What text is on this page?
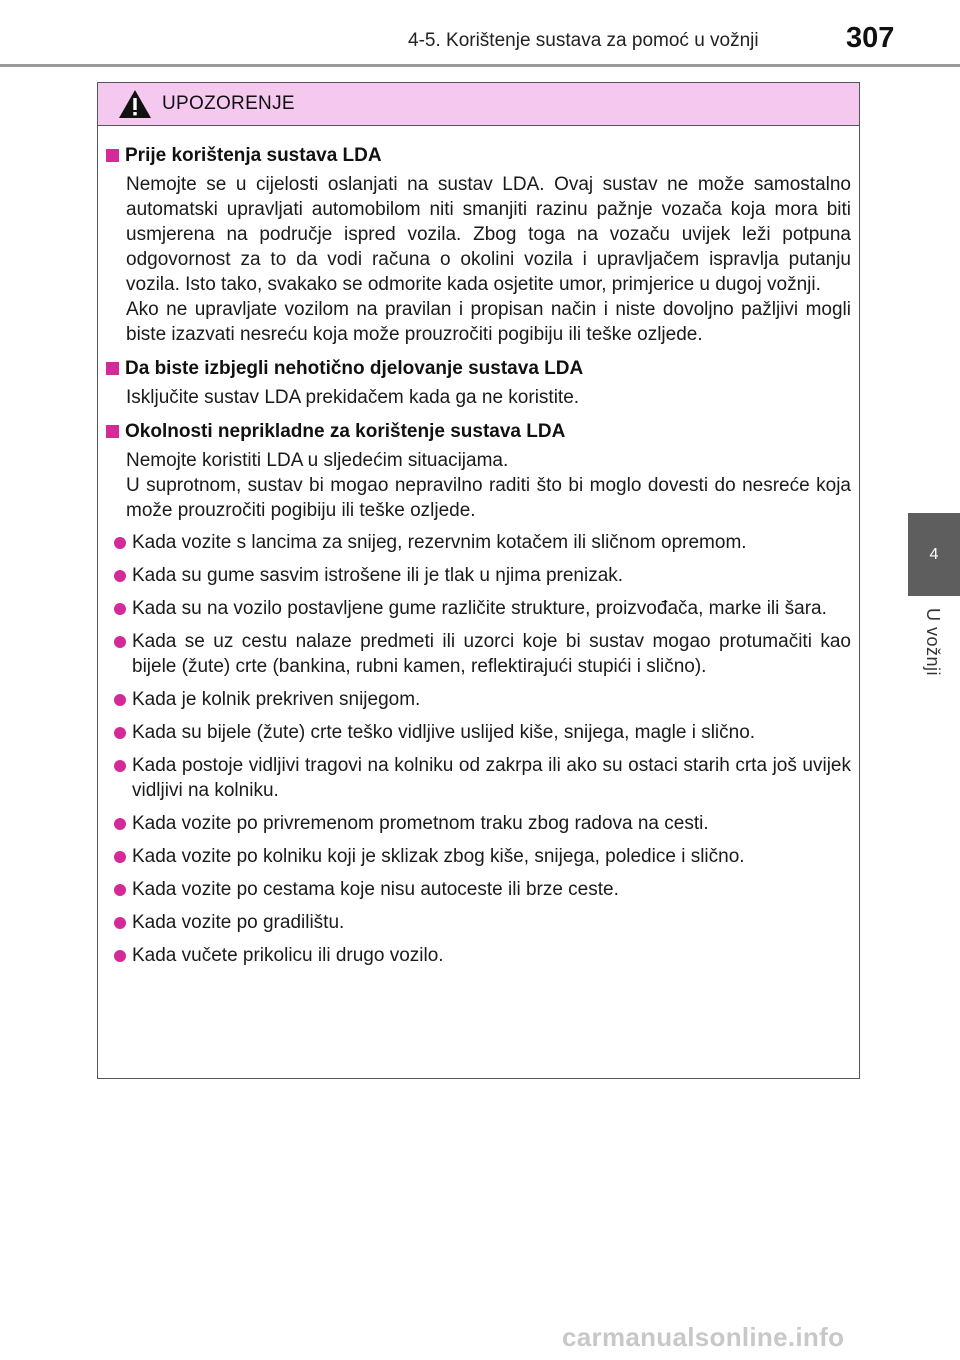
4-5. Korištenje sustava za pomoć u vožnji	307
4
U vožnji
UPOZORENJE
Prije korištenja sustava LDA
Nemojte se u cijelosti oslanjati na sustav LDA. Ovaj sustav ne može samostalno automatski upravljati automobilom niti smanjiti razinu pažnje vozača koja mora biti usmjerena na područje ispred vozila. Zbog toga na vozaču uvijek leži potpuna odgovornost za to da vodi računa o okolini vozila i upravljačem ispravlja putanju vozila. Isto tako, svakako se odmorite kada osjetite umor, primjerice u dugoj vožnji.
Ako ne upravljate vozilom na pravilan i propisan način i niste dovoljno pažljivi mogli biste izazvati nesreću koja može prouzročiti pogibiju ili teške ozljede.
Da biste izbjegli nehotično djelovanje sustava LDA
Isključite sustav LDA prekidačem kada ga ne koristite.
Okolnosti neprikladne za korištenje sustava LDA
Nemojte koristiti LDA u sljedećim situacijama.
U suprotnom, sustav bi mogao nepravilno raditi što bi moglo dovesti do nesreće koja može prouzročiti pogibiju ili teške ozljede.
Kada vozite s lancima za snijeg, rezervnim kotačem ili sličnom opremom.
Kada su gume sasvim istrošene ili je tlak u njima prenizak.
Kada su na vozilo postavljene gume različite strukture, proizvođača, marke ili šara.
Kada se uz cestu nalaze predmeti ili uzorci koje bi sustav mogao protumačiti kao bijele (žute) crte (bankina, rubni kamen, reflektirajući stupići i slično).
Kada je kolnik prekriven snijegom.
Kada su bijele (žute) crte teško vidljive uslijed kiše, snijega, magle i slično.
Kada postoje vidljivi tragovi na kolniku od zakrpa ili ako su ostaci starih crta još uvijek vidljivi na kolniku.
Kada vozite po privremenom prometnom traku zbog radova na cesti.
Kada vozite po kolniku koji je sklizak zbog kiše, snijega, poledice i slično.
Kada vozite po cestama koje nisu autoceste ili brze ceste.
Kada vozite po gradilištu.
Kada vučete prikolicu ili drugo vozilo.
carmanualsonline.info
